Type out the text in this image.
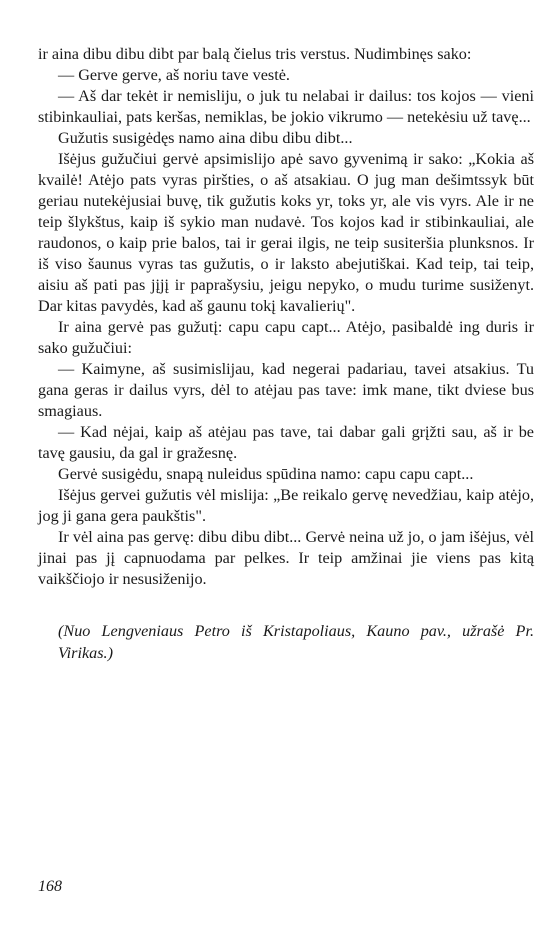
ir aina dibu dibu dibt par balą čielus tris verstus. Nudimbinęs sako:

— Gerve gerve, aš noriu tave vestė.

— Aš dar tekėt ir nemisliju, o juk tu nelabai ir dailus: tos kojos — vieni stibinkauliai, pats keršas, nemiklas, be jokio vikrumo — netekėsiu už tavę...

Gužutis susigėdęs namo aina dibu dibu dibt...

Išėjus gužučiui gervė apsimislijo apė savo gyvenimą ir sako: „Kokia aš kvailė! Atėjo pats vyras piršties, o aš atsakiau. O jug man dešimtssyk būt geriau nutekėjusiai buvę, tik gužutis koks yr, toks yr, ale vis vyrs. Ale ir ne teip šlykštus, kaip iš sykio man nudavė. Tos kojos kad ir stibinkauliai, ale raudonos, o kaip prie balos, tai ir gerai ilgis, ne teip susiteršia plunksnos. Ir iš viso šaunus vyras tas gužutis, o ir laksto abejutiškai. Kad teip, tai teip, aisiu aš pati pas jįjį ir paprašysiu, jeigu nepyko, o mudu turime susiženyt. Dar kitas pavydės, kad aš gaunu tokį kavalierių".

Ir aina gervė pas gužutį: capu capu capt... Atėjo, pasibaldė ing duris ir sako gužučiui:

— Kaimyne, aš susimislijau, kad negerai padariau, tavei atsakius. Tu gana geras ir dailus vyrs, dėl to atėjau pas tave: imk mane, tikt dviese bus smagiaus.

— Kad nėjai, kaip aš atėjau pas tave, tai dabar gali grįžti sau, aš ir be tavę gausiu, da gal ir gražesnę.

Gervė susigėdu, snapą nuleidus spūdina namo: capu capu capt...

Išėjus gervei gužutis vėl mislija: „Be reikalo gervę nevedžiau, kaip atėjo, jog ji gana gera paukštis".

Ir vėl aina pas gervę: dibu dibu dibt... Gervė neina už jo, o jam išėjus, vėl jinai pas jį capnuodama par pelkes. Ir teip amžinai jie viens pas kitą vaikščiojo ir nesusiženijo.

(Nuo Lengveniaus Petro iš Kristapoliaus, Kauno pav., užrašė Pr. Virikas.)
168
